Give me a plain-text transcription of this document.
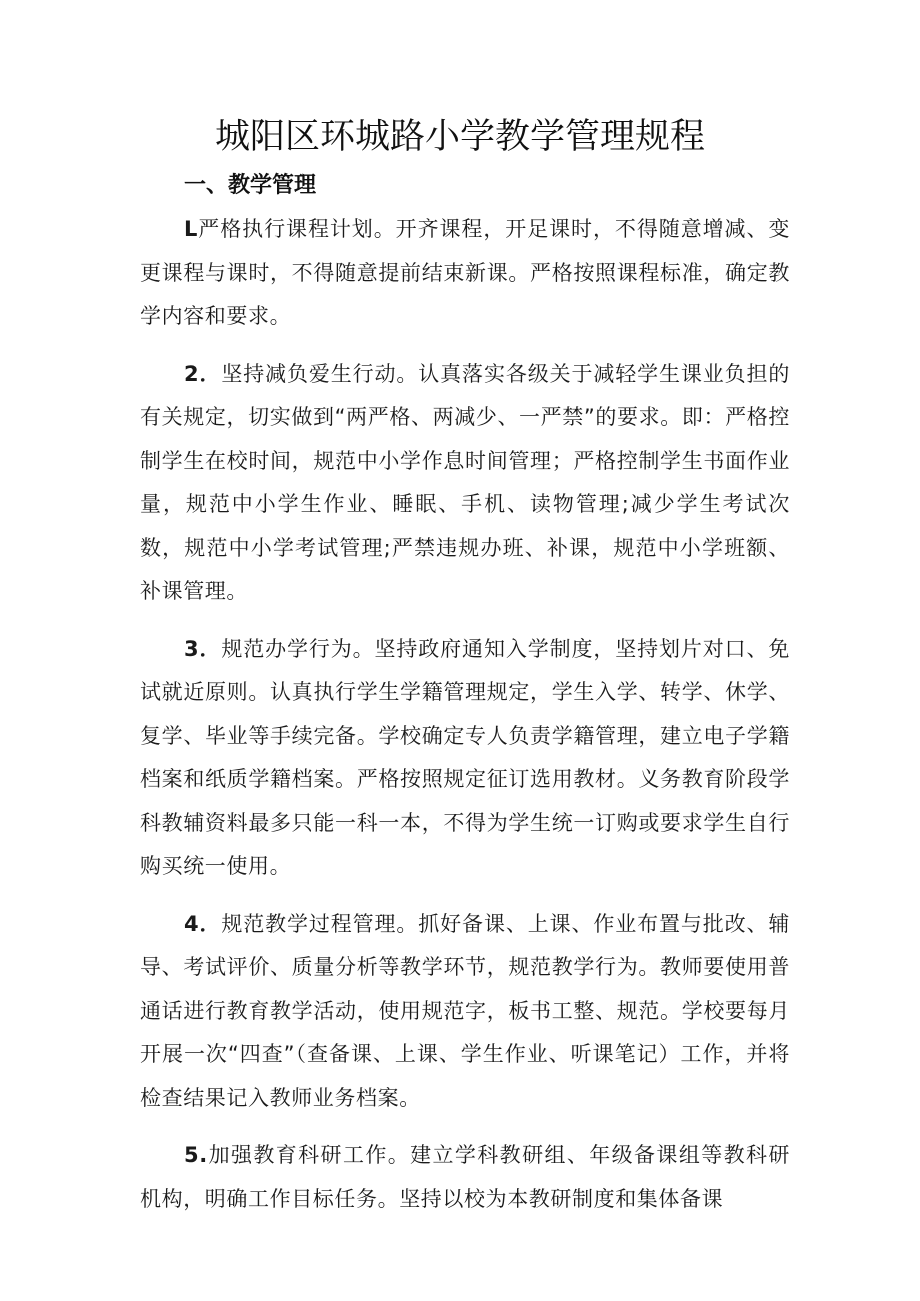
城阳区环城路小学教学管理规程
一、教学管理

L严格执行课程计划。开齐课程，开足课时，不得随意增减、变更课程与课时，不得随意提前结束新课。严格按照课程标准，确定教学内容和要求。

2．坚持减负爱生行动。认真落实各级关于减轻学生课业负担的有关规定，切实做到“两严格、两减少、一严禁”的要求。即：严格控制学生在校时间，规范中小学作息时间管理；严格控制学生书面作业量，规范中小学生作业、睡眠、手机、读物管理;减少学生考试次数，规范中小学考试管理;严禁违规办班、补课，规范中小学班额、补课管理。

3．规范办学行为。坚持政府通知入学制度，坚持划片对口、免试就近原则。认真执行学生学籍管理规定，学生入学、转学、休学、复学、毕业等手续完备。学校确定专人负责学籍管理，建立电子学籍档案和纸质学籍档案。严格按照规定征订选用教材。义务教育阶段学科教辅资料最多只能一科一本，不得为学生统一订购或要求学生自行购买统一使用。

4．规范教学过程管理。抓好备课、上课、作业布置与批改、辅导、考试评价、质量分析等教学环节，规范教学行为。教师要使用普通话进行教育教学活动，使用规范字，板书工整、规范。学校要每月开展一次“四查”（查备课、上课、学生作业、听课笔记）工作，并将检查结果记入教师业务档案。

5.加强教育科研工作。建立学科教研组、年级备课组等教科研机构，明确工作目标任务。坚持以校为本教研制度和集体备课
